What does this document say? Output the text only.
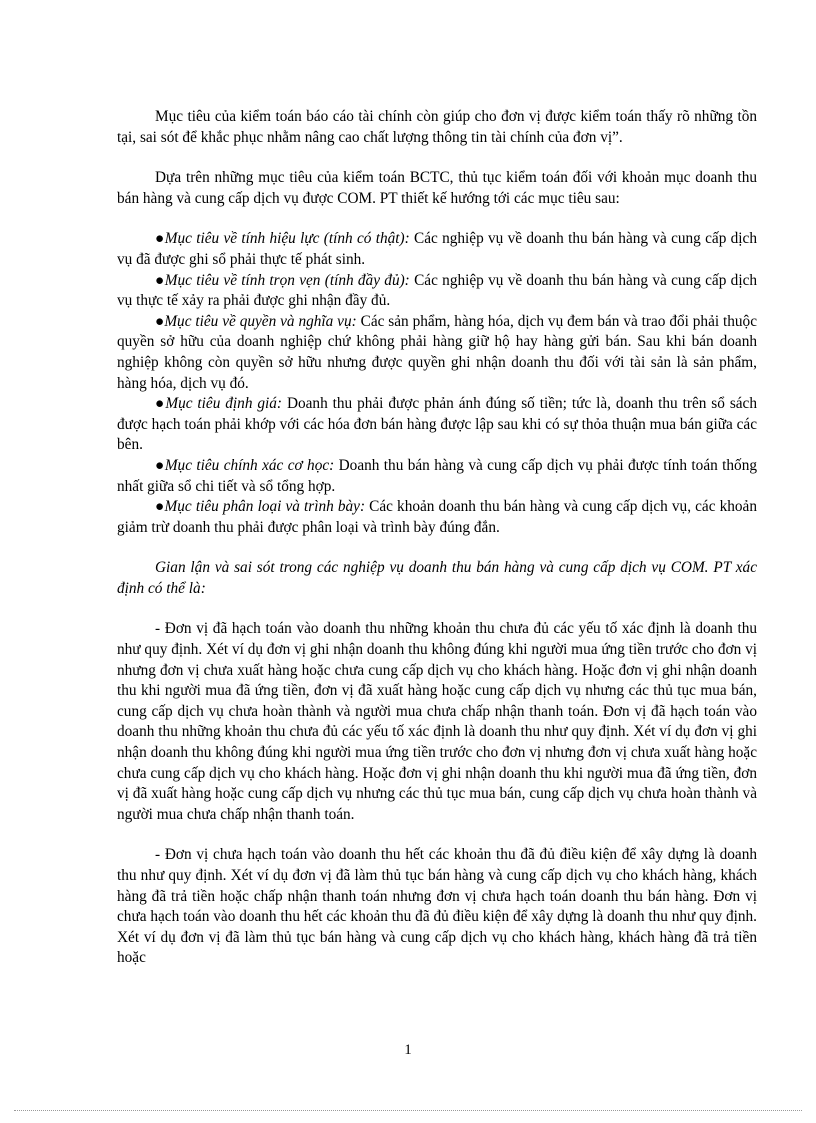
Mục tiêu của kiểm toán báo cáo tài chính còn giúp cho đơn vị được kiểm toán thấy rõ những tồn tại, sai sót để khắc phục nhằm nâng cao chất lượng thông tin tài chính của đơn vị”.

Dựa trên những mục tiêu của kiểm toán BCTC, thủ tục kiểm toán đối với khoản mục doanh thu bán hàng và cung cấp dịch vụ được COM. PT thiết kế hướng tới các mục tiêu sau:

●Mục tiêu về tính hiệu lực (tính có thật): Các nghiệp vụ về doanh thu bán hàng và cung cấp dịch vụ đã được ghi sổ phải thực tế phát sinh.

●Mục tiêu về tính trọn vẹn (tính đầy đủ): Các nghiệp vụ về doanh thu bán hàng và cung cấp dịch vụ thực tế xảy ra phải được ghi nhận đầy đủ.

●Mục tiêu về quyền và nghĩa vụ: Các sản phẩm, hàng hóa, dịch vụ đem bán và trao đổi phải thuộc quyền sở hữu của doanh nghiệp chứ không phải hàng giữ hộ hay hàng gửi bán. Sau khi bán doanh nghiệp không còn quyền sở hữu nhưng được quyền ghi nhận doanh thu đối với tài sản là sản phẩm, hàng hóa, dịch vụ đó.

●Mục tiêu định giá: Doanh thu phải được phản ánh đúng số tiền; tức là, doanh thu trên sổ sách được hạch toán phải khớp với các hóa đơn bán hàng được lập sau khi có sự thỏa thuận mua bán giữa các bên.

●Mục tiêu chính xác cơ học: Doanh thu bán hàng và cung cấp dịch vụ phải được tính toán thống nhất giữa sổ chi tiết và sổ tổng hợp.

●Mục tiêu phân loại và trình bày: Các khoản doanh thu bán hàng và cung cấp dịch vụ, các khoản giảm trừ doanh thu phải được phân loại và trình bày đúng đắn.

Gian lận và sai sót trong các nghiệp vụ doanh thu bán hàng và cung cấp dịch vụ COM. PT xác định có thể là:

- Đơn vị đã hạch toán vào doanh thu những khoản thu chưa đủ các yếu tố xác định là doanh thu như quy định. Xét ví dụ đơn vị ghi nhận doanh thu không đúng khi người mua ứng tiền trước cho đơn vị nhưng đơn vị chưa xuất hàng hoặc chưa cung cấp dịch vụ cho khách hàng. Hoặc đơn vị ghi nhận doanh thu khi người mua đã ứng tiền, đơn vị đã xuất hàng hoặc cung cấp dịch vụ nhưng các thủ tục mua bán, cung cấp dịch vụ chưa hoàn thành và người mua chưa chấp nhận thanh toán. Đơn vị đã hạch toán vào doanh thu những khoản thu chưa đủ các yếu tố xác định là doanh thu như quy định. Xét ví dụ đơn vị ghi nhận doanh thu không đúng khi người mua ứng tiền trước cho đơn vị nhưng đơn vị chưa xuất hàng hoặc chưa cung cấp dịch vụ cho khách hàng. Hoặc đơn vị ghi nhận doanh thu khi người mua đã ứng tiền, đơn vị đã xuất hàng hoặc cung cấp dịch vụ nhưng các thủ tục mua bán, cung cấp dịch vụ chưa hoàn thành và người mua chưa chấp nhận thanh toán.

- Đơn vị chưa hạch toán vào doanh thu hết các khoản thu đã đủ điều kiện để xây dựng là doanh thu như quy định. Xét ví dụ đơn vị đã làm thủ tục bán hàng và cung cấp dịch vụ cho khách hàng, khách hàng đã trả tiền hoặc chấp nhận thanh toán nhưng đơn vị chưa hạch toán doanh thu bán hàng. Đơn vị chưa hạch toán vào doanh thu hết các khoản thu đã đủ điều kiện để xây dựng là doanh thu như quy định. Xét ví dụ đơn vị đã làm thủ tục bán hàng và cung cấp dịch vụ cho khách hàng, khách hàng đã trả tiền hoặc

1
